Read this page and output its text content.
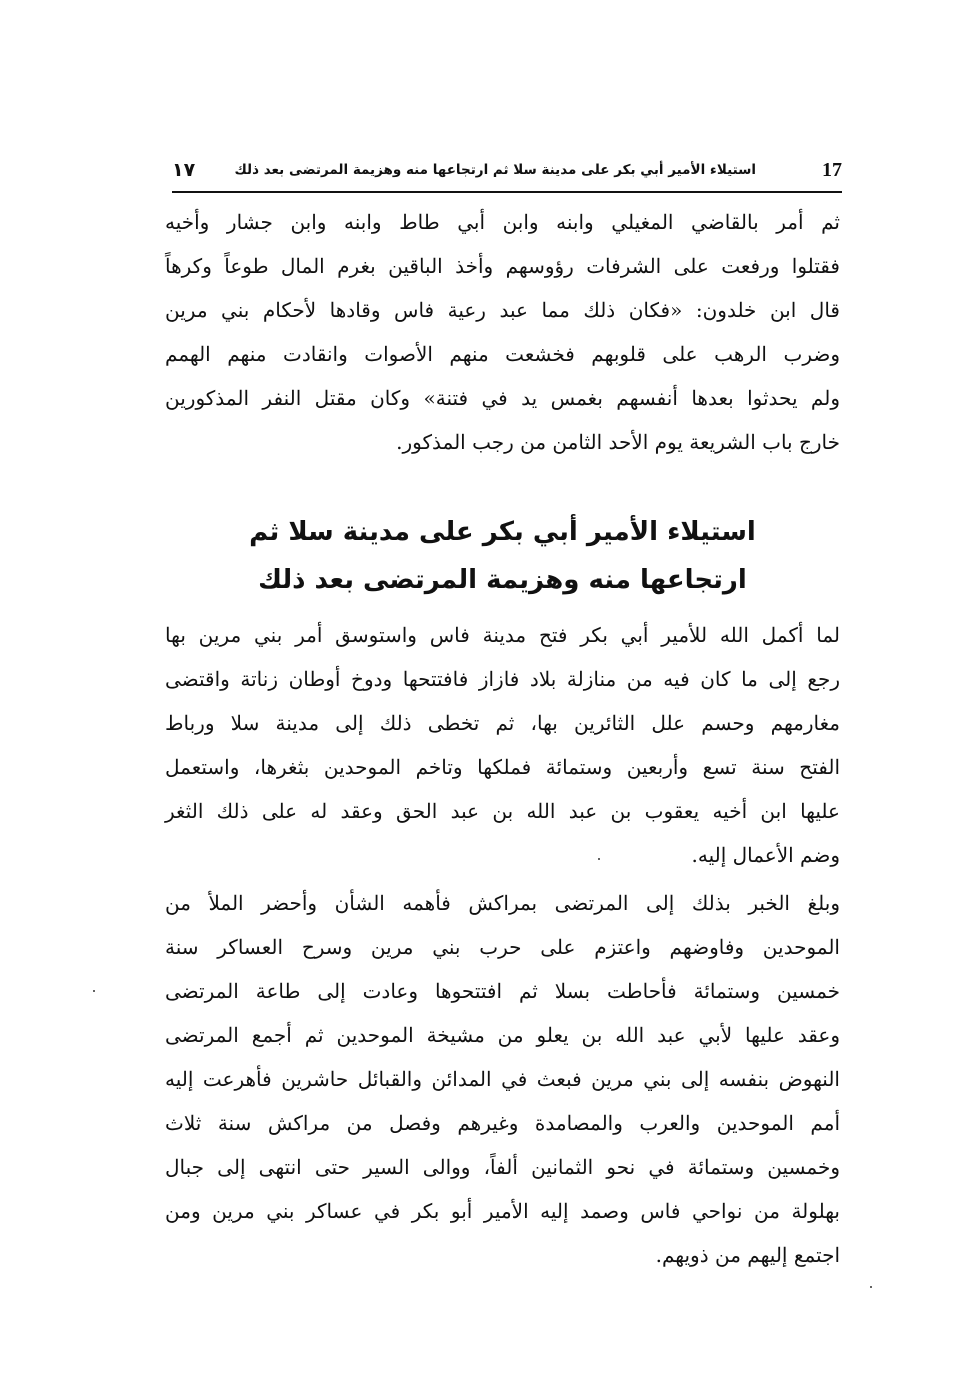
17
استيلاء الأمير أبي بكر على مدينة سلا ثم ارتجاعها منه وهزيمة المرتضى بعد ذلك
١٧
ثم أمر بالقاضي المغيلي وابنه وابن أبي طاط وابنه وابن جشار وأخيه
فقتلوا ورفعت على الشرفات رؤوسهم وأخذ الباقين بغرم المال طوعاً وكرهاً
قال ابن خلدون: «فكان ذلك مما عبد رعية فاس وقادها لأحكام بني مرين
وضرب الرهب على قلوبهم فخشعت منهم الأصوات وانقادت منهم الهمم
ولم يحدثوا بعدها أنفسهم بغمس يد في فتنة» وكان مقتل النفر المذكورين
خارج باب الشريعة يوم الأحد الثامن من رجب المذكور.
استيلاء الأمير أبي بكر على مدينة سلا ثم
ارتجاعها منه وهزيمة المرتضى بعد ذلك
لما أكمل الله للأمير أبي بكر فتح مدينة فاس واستوسق أمر بني مرين بها
رجع إلى ما كان فيه من منازلة بلاد فازاز فافتتحها ودوخ أوطان زناتة واقتضى
مغارمهم وحسم علل الثائرين بها، ثم تخطى ذلك إلى مدينة سلا ورباط
الفتح سنة تسع وأربعين وستمائة فملكها وتاخم الموحدين بثغرها، واستعمل
عليها ابن أخيه يعقوب بن عبد الله بن عبد الحق وعقد له على ذلك الثغر
وضم الأعمال إليه.
وبلغ الخبر بذلك إلى المرتضى بمراكش فأهمه الشأن وأحضر الملأ من
الموحدين وفاوضهم واعتزم على حرب بني مرين وسرح العساكر سنة
خمسين وستمائة فأحاطت بسلا ثم افتتحوها وعادت إلى طاعة المرتضى
وعقد عليها لأبي عبد الله بن يعلو من مشيخة الموحدين ثم أجمع المرتضى
النهوض بنفسه إلى بني مرين فبعث في المدائن والقبائل حاشرين فأهرعت إليه
أمم الموحدين والعرب والمصامدة وغيرهم وفصل من مراكش سنة ثلاث
وخمسين وستمائة في نحو الثمانين ألفاً، ووالى السير حتى انتهى إلى جبال
بهلولة من نواحي فاس وصمد إليه الأمير أبو بكر في عساكر بني مرين ومن
اجتمع إليهم من ذويهم.
